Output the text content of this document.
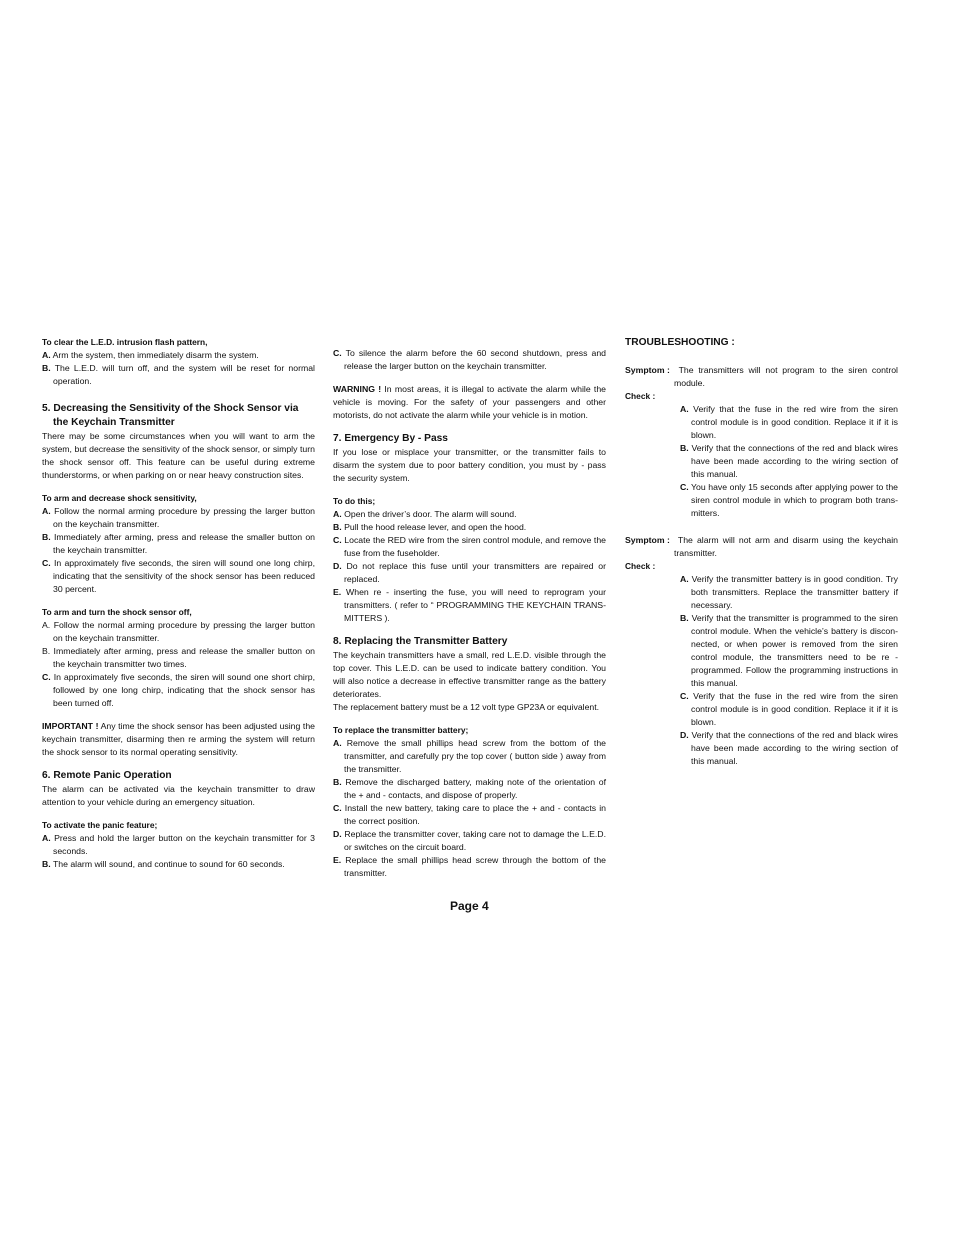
To clear the L.E.D. intrusion flash pattern,
A. Arm the system, then immediately disarm the system.
B. The L.E.D. will turn off, and the system will be reset for normal operation.
5. Decreasing the Sensitivity of the Shock Sensor via the Keychain Transmitter

There may be some circumstances when you will want to arm the system, but decrease the sensitivity of the shock sensor, or simply turn the shock sensor off. This feature can be useful during extreme thunderstorms, or when parking on or near heavy construction sites.

To arm and decrease shock sensitivity,
A. Follow the normal arming procedure by pressing the larger button on the keychain transmitter.
B. Immediately after arming, press and release the smaller button on the keychain transmitter.
C. In approximately five seconds, the siren will sound one long chirp, indicating that the sensitivity of the shock sensor has been reduced 30 percent.
To arm and turn the shock sensor off,
A. Follow the normal arming procedure by pressing the larger button on the keychain transmitter.
B. Immediately after arming, press and release the smaller button on the keychain transmitter two times.
C. In approximately five seconds, the siren will sound one short chirp, followed by one long chirp, indicating that the shock sensor has been turned off.

IMPORTANT ! Any time the shock sensor has been adjusted using the keychain transmitter, disarming then re arming the system will return the shock sensor to its normal operating sensitivity.

6. Remote Panic Operation

The alarm can be activated via the keychain transmitter to draw attention to your vehicle during an emergency situation.

To activate the panic feature;
A. Press and hold the larger button on the keychain transmitter for 3 seconds.
B. The alarm will sound, and continue to sound for 60 seconds.
C. To silence the alarm before the 60 second shutdown, press and release the larger button on the keychain transmitter.

WARNING ! In most areas, it is illegal to activate the alarm while the vehicle is moving. For the safety of your passengers and other motorists, do not activate the alarm while your vehicle is in motion.

7. Emergency By - Pass

If you lose or misplace your transmitter, or the transmitter fails to disarm the system due to poor battery condition, you must by - pass the security system.

To do this;
A. Open the driver’s door. The alarm will sound.
B. Pull the hood release lever, and open the hood.
C. Locate the RED wire from the siren control module, and remove the fuse from the fuseholder.
D. Do not replace this fuse until your transmitters are repaired or replaced.
E. When re - inserting the fuse, you will need to reprogram your transmitters. ( refer to “ PROGRAMMING THE KEYCHAIN TRANS-MITTERS ).
8. Replacing the Transmitter Battery

The keychain transmitters have a small, red L.E.D. visible through the top cover. This L.E.D. can be used to indicate battery condition. You will also notice a decrease in effective transmitter range as the battery deteriorates.

The replacement battery must be a 12 volt type GP23A or equivalent.

To replace the transmitter battery;
A. Remove the small phillips head screw from the bottom of the transmitter, and carefully pry the top cover ( button side ) away from the transmitter.
B. Remove the discharged battery, making note of the orientation of the + and - contacts, and dispose of properly.
C. Install the new battery, taking care to place the + and - contacts in the correct position.
D. Replace the transmitter cover, taking care not to damage the L.E.D. or switches on the circuit board.
E. Replace the small phillips head screw through the bottom of the transmitter.
TROUBLESHOOTING :
Symptom : The transmitters will not program to the siren control module.
Check :
A. Verify that the fuse in the red wire from the siren control module is in good condition. Replace it if it is blown.
B. Verify that the connections of the red and black wires have been made according to the wiring section of this manual.
C. You have only 15 seconds after applying power to the siren control module in which to program both trans-mitters.
Symptom : The alarm will not arm and disarm using the keychain transmitter.
Check :
A. Verify the transmitter battery is in good condition. Try both transmitters. Replace the transmitter battery if necessary.
B. Verify that the transmitter is programmed to the siren control module. When the vehicle’s battery is discon-nected, or when power is removed from the siren control module, the transmitters need to be re - programmed. Follow the programming instructions in this manual.
C. Verify that the fuse in the red wire from the siren control module is in good condition. Replace it if it is blown.
D. Verify that the connections of the red and black wires have been made according to the wiring section of this manual.
Page 4
